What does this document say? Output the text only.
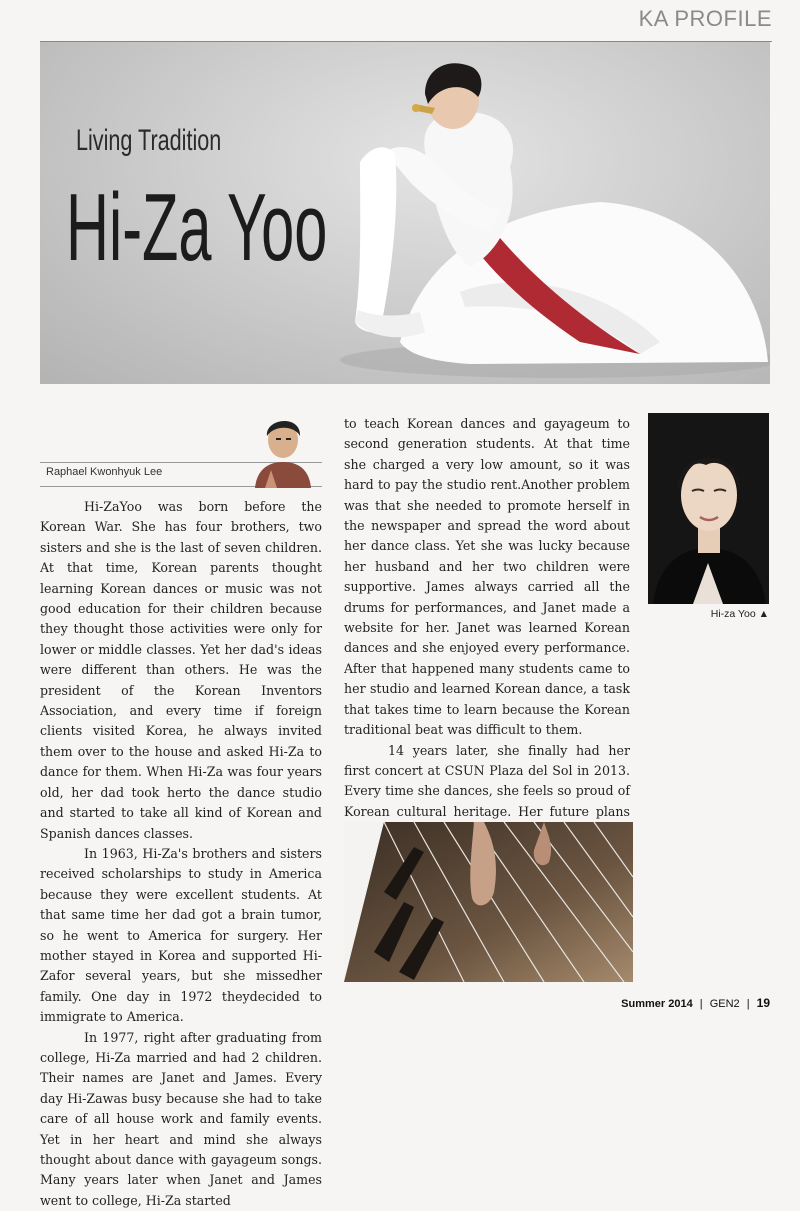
KA PROFILE
Living Tradition
Hi-Za Yoo
Raphael Kwonhyuk Lee

Hi-ZaYoo was born before the Korean War. She has four brothers, two sisters and she is the last of seven children. At that time, Korean parents thought learning Korean dances or music was not good education for their children because they thought those activities were only for lower or middle classes. Yet her dad's ideas were different than others. He was the president of the Korean Inventors Association, and every time if foreign clients visited Korea, he always invited them over to the house and asked Hi-Za to dance for them. When Hi-Za was four years old, her dad took herto the dance studio and started to take all kind of Korean and Spanish dances classes.

In 1963, Hi-Za's brothers and sisters received scholarships to study in America because they were excellent students. At that same time her dad got a brain tumor, so he went to America for surgery. Her mother stayed in Korea and supported Hi-Zafor several years, but she missedher family. One day in 1972 theydecided to immigrate to America.

In 1977, right after graduating from college, Hi-Za married and had 2 children. Their names are Janet and James. Every day Hi-Zawas busy because she had to take care of all house work and family events. Yet in her heart and mind she always thought about dance with gayageum songs. Many years later when Janet and James went to college, Hi-Za started

to teach Korean dances and gayageum to second generation students. At that time she charged a very low amount, so it was hard to pay the studio rent.Another problem was that she needed to promote herself in the newspaper and spread the word about her dance class. Yet she was lucky because her husband and her two children were supportive. James always carried all the drums for performances, and Janet made a website for her. Janet was learned Korean dances and she enjoyed every performance. After that happened many students came to her studio and learned Korean dance, a task that takes time to learn because the Korean traditional beat was difficult to them.

14 years later, she finally had her first concert at CSUN Plaza del Sol in 2013. Every time she dances, she feels so proud of Korean cultural heritage. Her future plans

Hi-za Yoo ▲
Summer 2014 | GEN2 | 19
